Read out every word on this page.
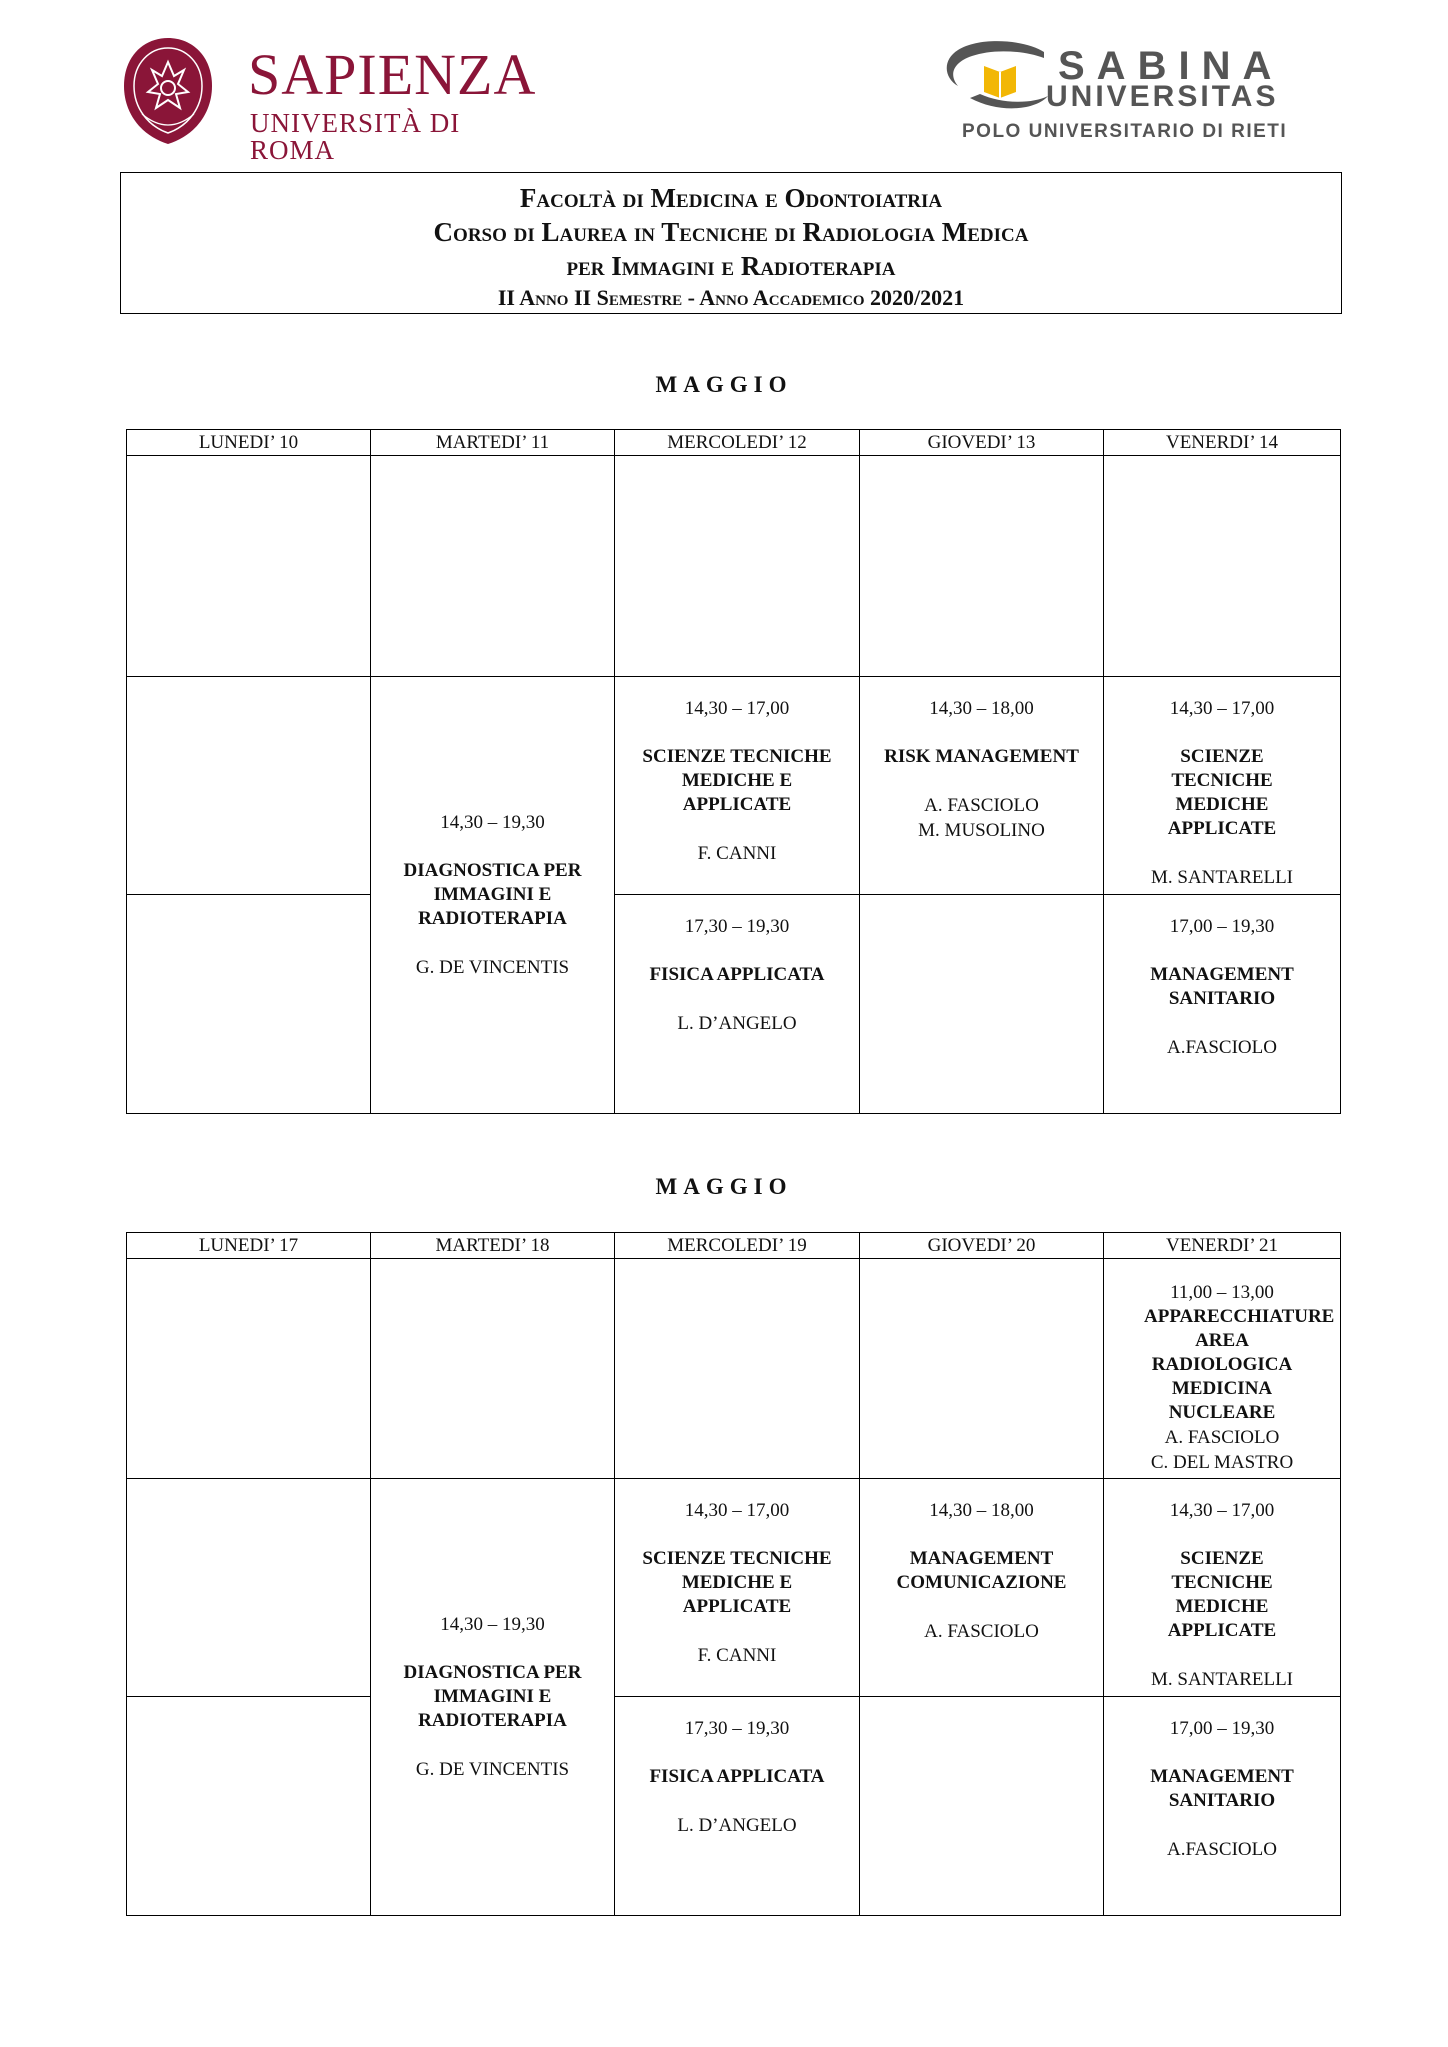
SAPIENZA
UNIVERSITÀ DI ROMA
SABINA
UNIVERSITAS
POLO UNIVERSITARIO DI RIETI
Facoltà di Medicina e Odontoiatria
Corso di Laurea in Tecniche di Radiologia Medica
per Immagini e Radioterapia
II Anno II Semestre - Anno Accademico 2020/2021
MAGGIO
LUNEDI’ 10	MARTEDI’ 11	MERCOLEDI’ 12	GIOVEDI’ 13	VENERDI’ 14

	14,30 – 19,30
DIAGNOSTICA PER IMMAGINI E RADIOTERAPIA
G. DE VINCENTIS	14,30 – 17,00
SCIENZE TECNICHE MEDICHE E APPLICATE
F. CANNI	14,30 – 18,00
RISK MANAGEMENT
A. FASCIOLO
M. MUSOLINO	14,30 – 17,00
SCIENZE TECNICHE MEDICHE APPLICATE
M. SANTARELLI

		17,30 – 19,30
FISICA APPLICATA
L. D’ANGELO		17,00 – 19,30
MANAGEMENT SANITARIO
A.FASCIOLO
MAGGIO
LUNEDI’ 17	MARTEDI’ 18	MERCOLEDI’ 19	GIOVEDI’ 20	VENERDI’ 21

				11,00 – 13,00
APPARECCHIATURE AREA RADIOLOGICA MEDICINA NUCLEARE
A. FASCIOLO
C. DEL MASTRO

	14,30 – 19,30
DIAGNOSTICA PER IMMAGINI E RADIOTERAPIA
G. DE VINCENTIS	14,30 – 17,00
SCIENZE TECNICHE MEDICHE E APPLICATE
F. CANNI	14,30 – 18,00
MANAGEMENT COMUNICAZIONE
A. FASCIOLO	14,30 – 17,00
SCIENZE TECNICHE MEDICHE APPLICATE
M. SANTARELLI

		17,30 – 19,30
FISICA APPLICATA
L. D’ANGELO		17,00 – 19,30
MANAGEMENT SANITARIO
A.FASCIOLO
